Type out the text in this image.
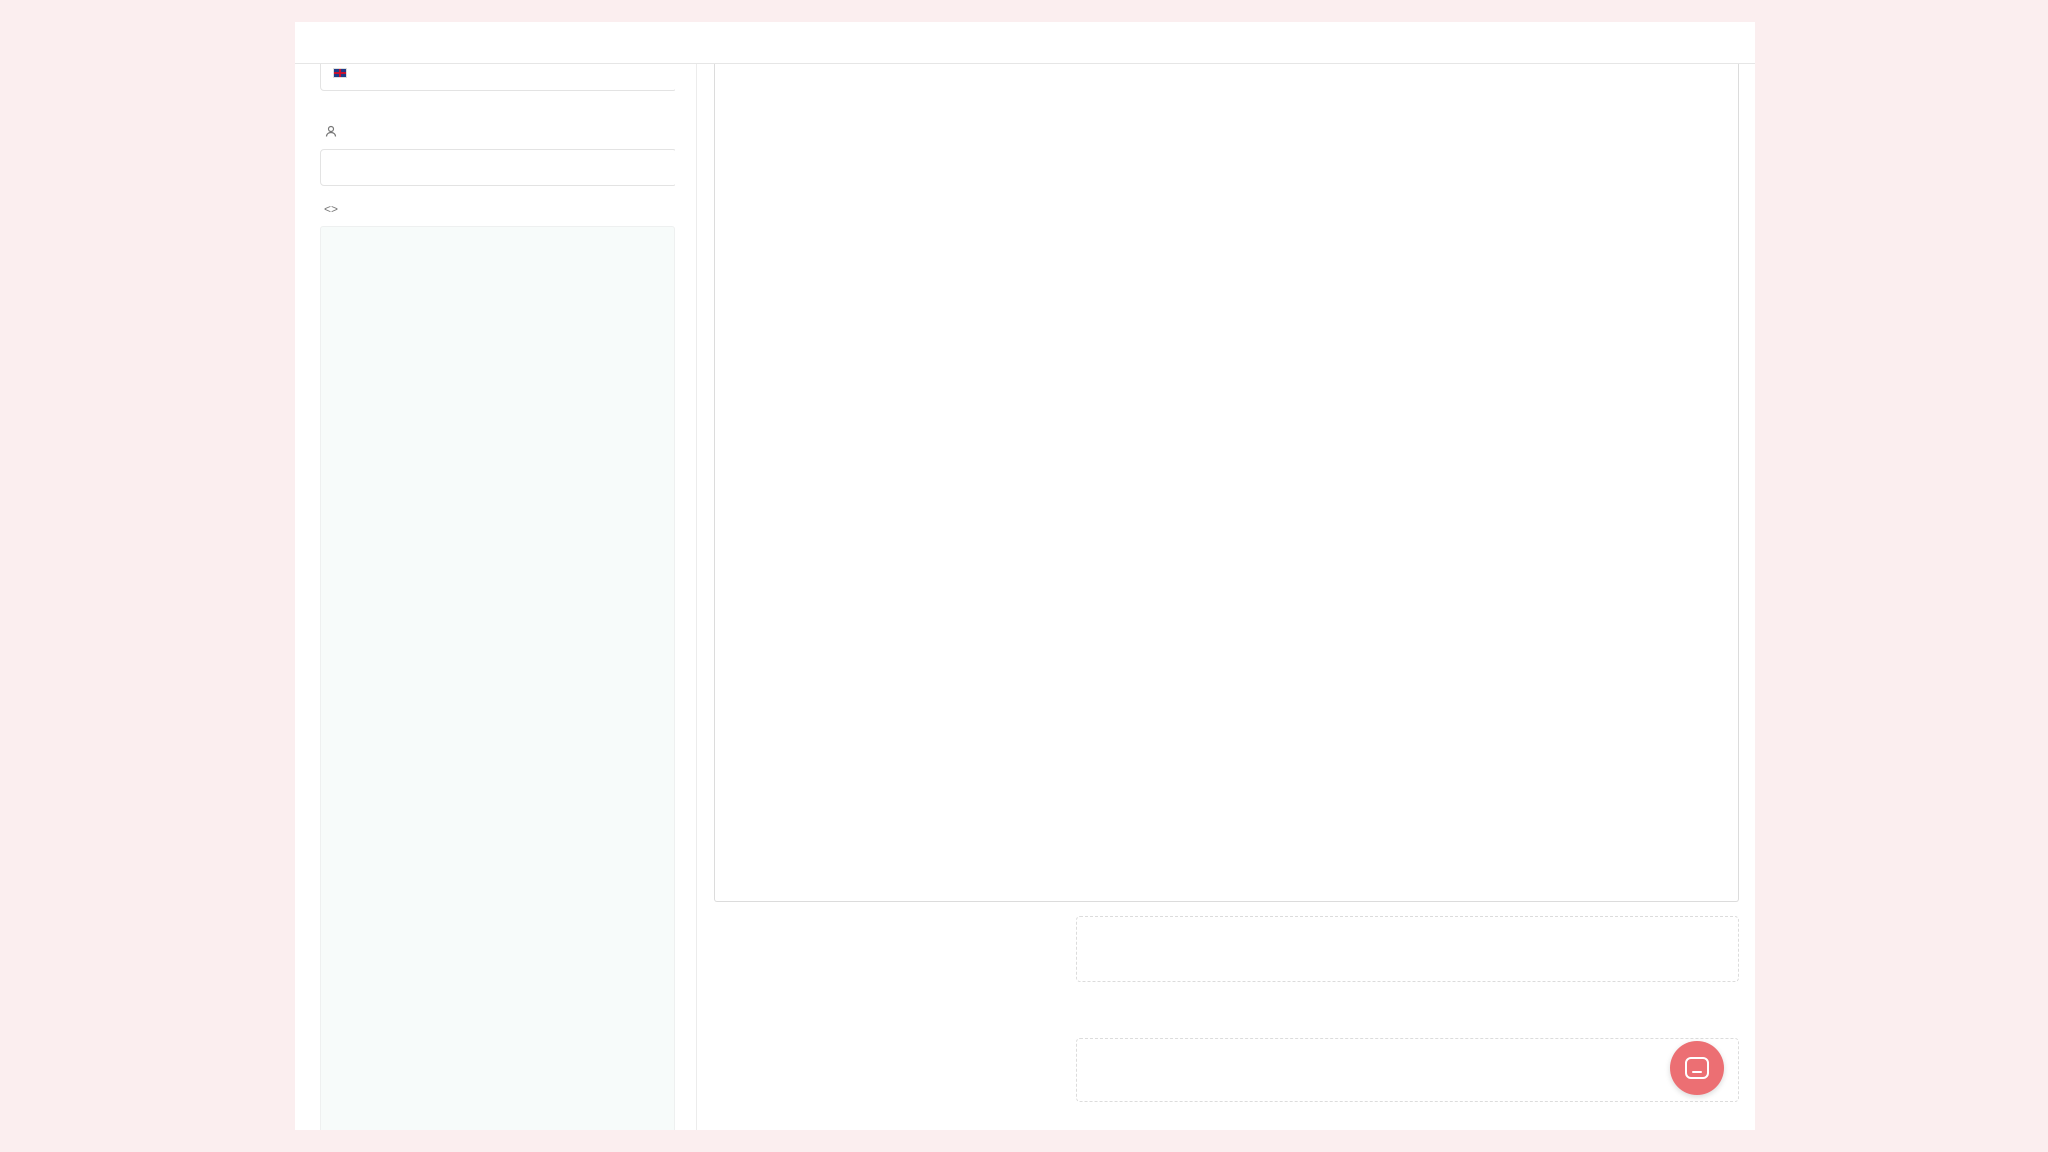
<>
